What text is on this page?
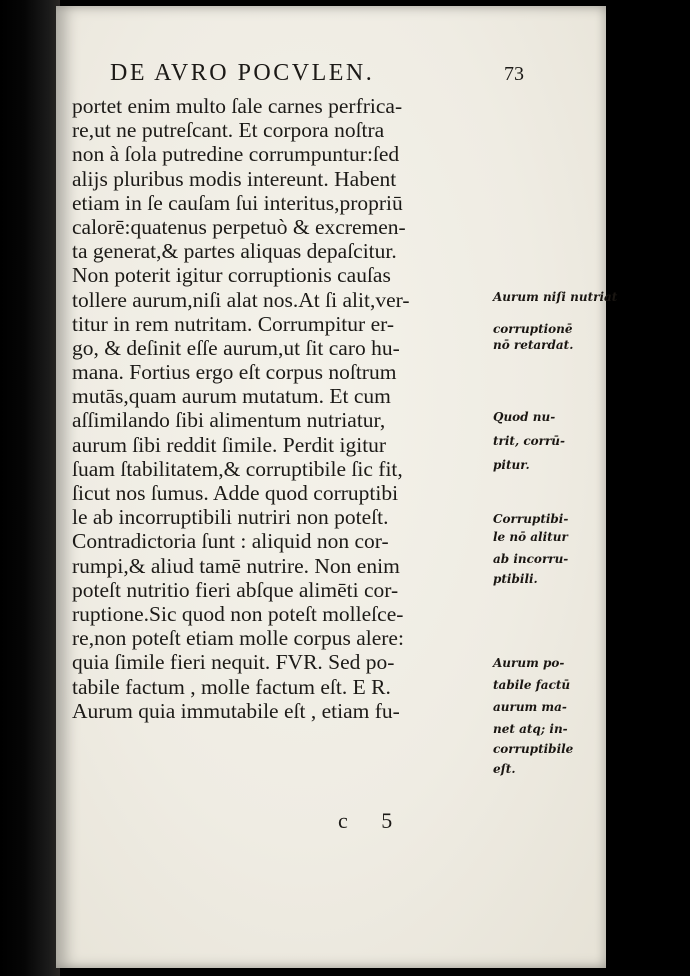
DE AVRO POCVLEN.	73
portet enim multo ſale carnes perfrica-
re,ut ne putreſcant. Et corpora noſtra
non à ſola putredine corrumpuntur:ſed
alijs pluribus modis intereunt. Habent
etiam in ſe cauſam ſui interitus,propriū
calorē:quatenus perpetuò & excremen-
ta generat,& partes aliquas depaſcitur.
Non poterit igitur corruptionis cauſas
tollere aurum,niſi alat nos.At ſi alit,ver-
titur in rem nutritam. Corrumpitur er-
go, & deſinit eſſe aurum,ut ſit caro hu-
mana. Fortius ergo eſt corpus noſtrum
mutās,quam aurum mutatum. Et cum
aſſimilando ſibi alimentum nutriatur,
aurum ſibi reddit ſimile. Perdit igitur
ſuam ſtabilitatem,& corruptibile ſic fit,
ſicut nos ſumus. Adde quod corruptibi
le ab incorruptibili nutriri non poteſt.
Contradictoria ſunt : aliquid non cor-
rumpi,& aliud tamē nutrire. Non enim
poteſt nutritio fieri abſque alimēti cor-
ruptione.Sic quod non poteſt molleſce-
re,non poteſt etiam molle corpus alere:
quia ſimile fieri nequit. FVR. Sed po-
tabile factum , molle factum eſt. E R.
Aurum quia immutabile eſt , etiam fu-
Aurum niſi nutriat
corruptionē
nō retardat.
Quod nu-
trit, corrū-
pitur.
Corruptibi-
le nō alitur
ab incorru-
ptibili.
Aurum po-
tabile factū
aurum ma-
net atq; in-
corruptibile
eſt.
c 5
